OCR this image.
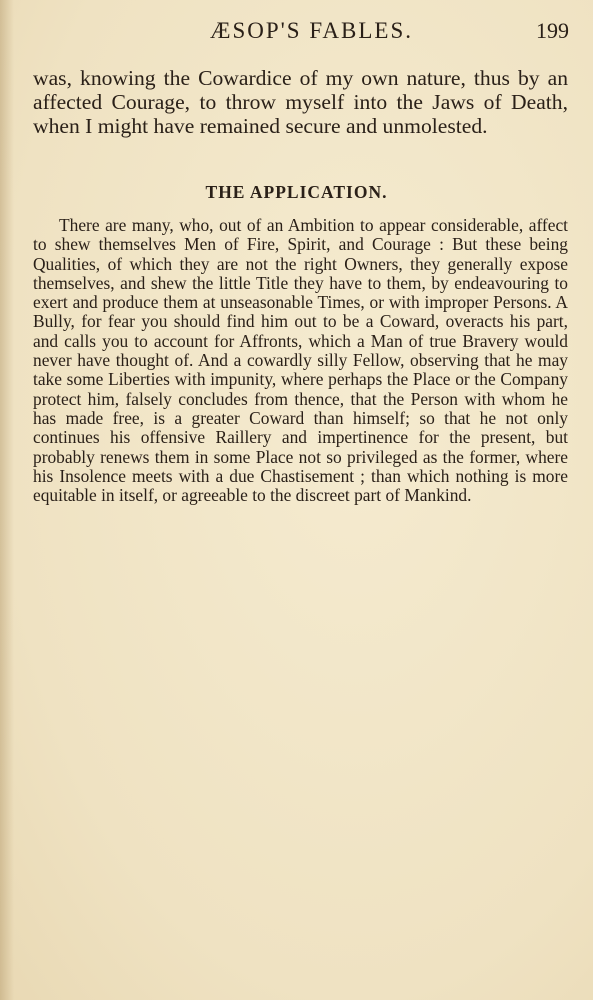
ÆSOP'S FABLES.	199

was, knowing the Cowardice of my own nature, thus by an affected Courage, to throw myself into the Jaws of Death, when I might have remained secure and unmolested.

THE APPLICATION.

There are many, who, out of an Ambition to appear considerable, affect to shew themselves Men of Fire, Spirit, and Courage : But these being Qualities, of which they are not the right Owners, they generally expose themselves, and shew the little Title they have to them, by endeavouring to exert and produce them at unseasonable Times, or with improper Persons. A Bully, for fear you should find him out to be a Coward, overacts his part, and calls you to account for Affronts, which a Man of true Bravery would never have thought of. And a cowardly silly Fellow, observing that he may take some Liberties with impunity, where perhaps the Place or the Company protect him, falsely concludes from thence, that the Person with whom he has made free, is a greater Coward than himself; so that he not only continues his offensive Raillery and impertinence for the present, but probably renews them in some Place not so privileged as the former, where his Insolence meets with a due Chastisement ; than which nothing is more equitable in itself, or agreeable to the discreet part of Mankind.
